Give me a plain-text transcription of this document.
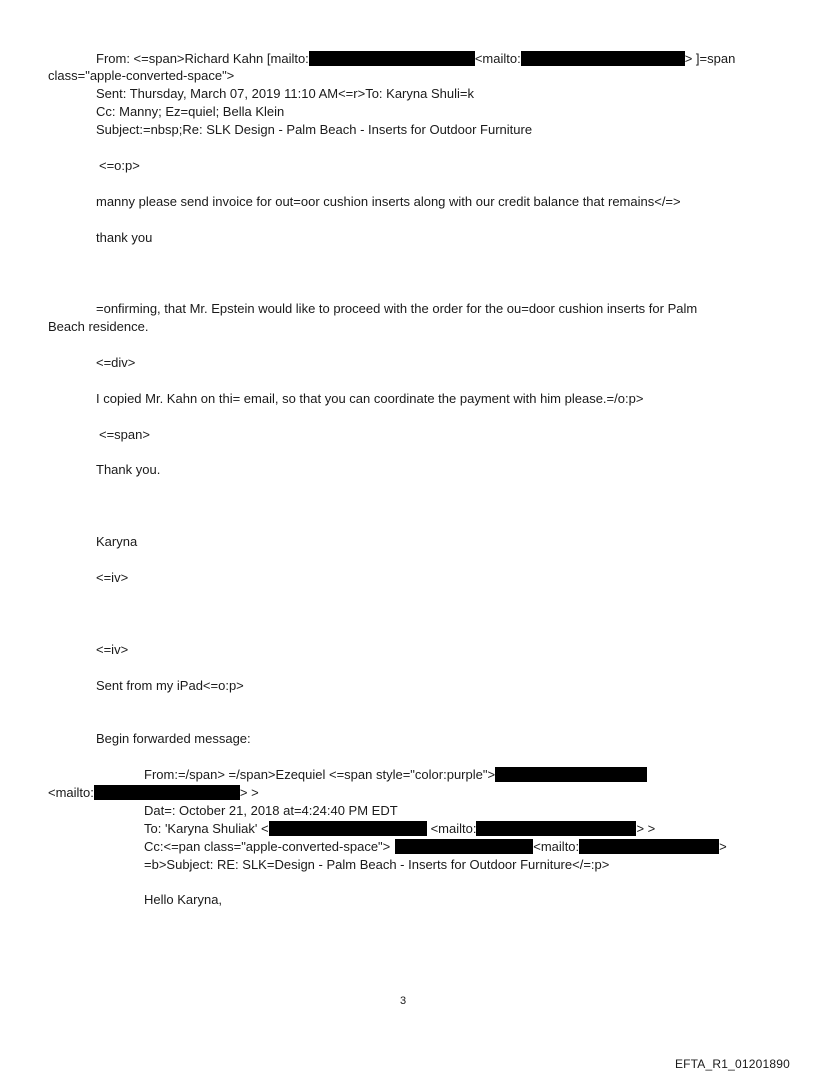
From: <=span>Richard Kahn [mailto:	<mailto:	> ]=span
class="apple-converted-space">
Sent: Thursday, March 07, 2019 11:10 AM<=r>To: Karyna Shuli=k
Cc: Manny; Ez=quiel; Bella Klein
Subject:=nbsp;Re: SLK Design - Palm Beach - Inserts for Outdoor Furniture
<=o:p>
manny please send invoice for out=oor cushion inserts along with our credit balance that remains</=>
thank you
=onfirming, that Mr. Epstein would like to proceed with the order for the ou=door cushion inserts for Palm
Beach residence.
<=div>
I copied Mr. Kahn on thi= email, so that you can coordinate the payment with him please.=/o:p>
<=span>
Thank you.
Karyna
<=iv>
<=iv>
Sent from my iPad<=o:p>
Begin forwarded message:
From:=/span> =/span>Ezequiel <=span style="color:purple">
<mailto:	> >
Dat=: October 21, 2018 at=4:24:40 PM EDT
To: 'Karyna Shuliak' <	<mailto:	> >
Cc:<=pan class="apple-converted-space">	<mailto:	>
=b>Subject: RE: SLK=Design - Palm Beach - Inserts for Outdoor Furniture</=:p>
Hello Karyna,
3
EFTA_R1_01201890
